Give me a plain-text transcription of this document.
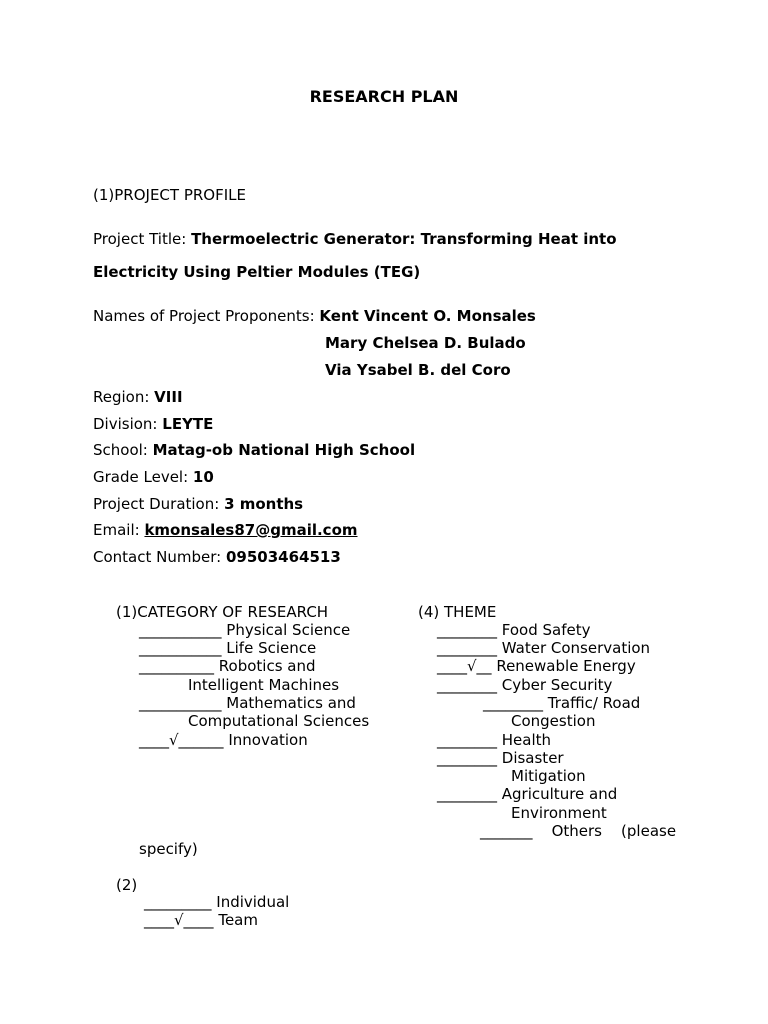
RESEARCH PLAN
(1)PROJECT PROFILE
Project Title: Thermoelectric Generator: Transforming Heat into
Electricity Using Peltier Modules (TEG)
Names of Project Proponents: Kent Vincent O. Monsales
Mary Chelsea D. Bulado
Via Ysabel B. del Coro
Region: VIII
Division: LEYTE
School: Matag-ob National High School
Grade Level: 10
Project Duration: 3 months
Email: kmonsales87@gmail.com
Contact Number: 09503464513
(1)CATEGORY OF RESEARCH
___________ Physical Science
___________ Life Science
__________ Robotics and
Intelligent Machines
___________ Mathematics and
Computational Sciences
____√______ Innovation
(4) THEME
________ Food Safety
________ Water Conservation
____√__ Renewable Energy
________ Cyber Security
________ Traffic/ Road
Congestion
________ Health
________ Disaster
Mitigation
________ Agriculture and
Environment
_______    Others    (please
specify)
(2)
_________ Individual
____√____ Team
